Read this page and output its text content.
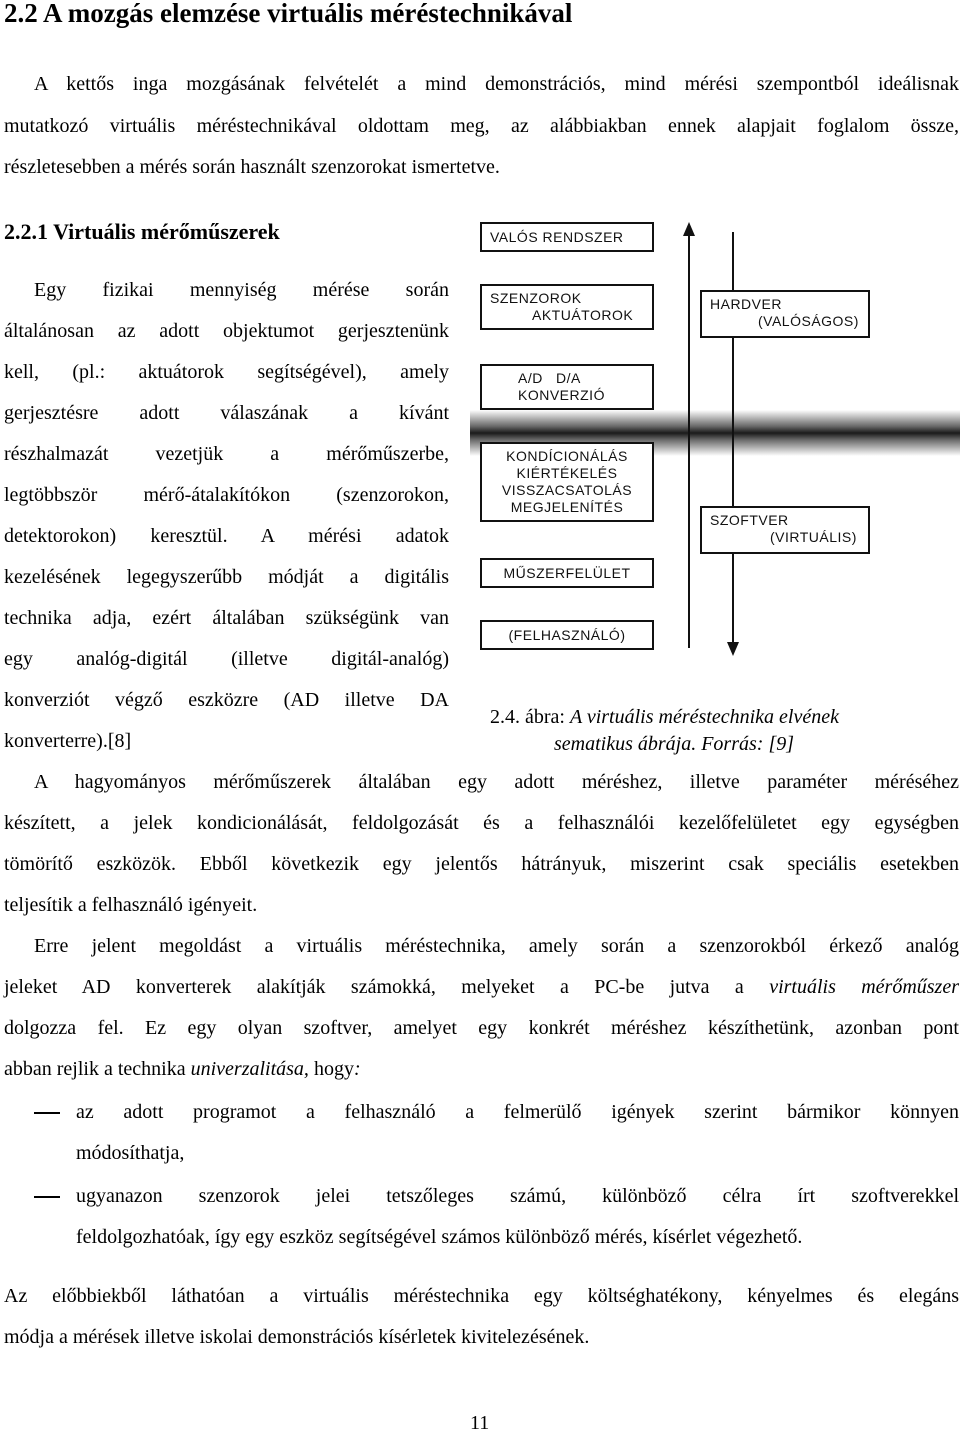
2.2 A mozgás elemzése virtuális méréstechnikával
A kettős inga mozgásának felvételét a mind demonstrációs, mind mérési szempontból ideálisnak
mutatkozó virtuális méréstechnikával oldottam meg, az alábbiakban ennek alapjait foglalom össze,
részletesebben a mérés során használt szenzorokat ismertetve.
2.2.1 Virtuális mérőműszerek
Egy fizikai mennyiség mérése során
általánosan az adott objektumot gerjesztenünk
kell, (pl.: aktuátorok segítségével), amely
gerjesztésre adott válaszának a kívánt
részhalmazát vezetjük a mérőműszerbe,
legtöbbször mérő-átalakítókon (szenzorokon,
detektorokon) keresztül. A mérési adatok
kezelésének legegyszerűbb módját a digitális
technika adja, ezért általában szükségünk van
egy analóg-digitál (illetve digitál-analóg)
konverziót végző eszközre (AD illetve DA
konverterre).[8]
VALÓS RENDSZER
SZENZOROK
AKTUÁTOROK
A/D   D/A
KONVERZIÓ
KONDÍCIONÁLÁS
KIÉRTÉKELÉS
VISSZACSATOLÁS
MEGJELENÍTÉS
MŰSZERFELÜLET
(FELHASZNÁLÓ)
HARDVER
(VALÓSÁGOS)
SZOFTVER
(VIRTUÁLIS)
2.4. ábra: A virtuális méréstechnika elvének
sematikus ábrája. Forrás: [9]
A hagyományos mérőműszerek általában egy adott méréshez, illetve paraméter méréséhez
készített, a jelek kondicionálását, feldolgozását és a felhasználói kezelőfelületet egy egységben
tömörítő eszközök. Ebből következik egy jelentős hátrányuk, miszerint csak speciális esetekben
teljesítik a felhasználó igényeit.
Erre jelent megoldást a virtuális méréstechnika, amely során a szenzorokból érkező analóg
jeleket AD konverterek alakítják számokká, melyeket a PC-be jutva a virtuális mérőműszer
dolgozza fel. Ez egy olyan szoftver, amelyet egy konkrét méréshez készíthetünk, azonban pont
abban rejlik a technika univerzalitása, hogy:
az adott programot a felhasználó a felmerülő igények szerint bármikor könnyen
módosíthatja,
ugyanazon szenzorok jelei tetszőleges számú, különböző célra írt szoftverekkel
feldolgozhatóak, így egy eszköz segítségével számos különböző mérés, kísérlet végezhető.
Az előbbiekből láthatóan a virtuális méréstechnika egy költséghatékony, kényelmes és elegáns
módja a mérések illetve iskolai demonstrációs kísérletek kivitelezésének.
11
